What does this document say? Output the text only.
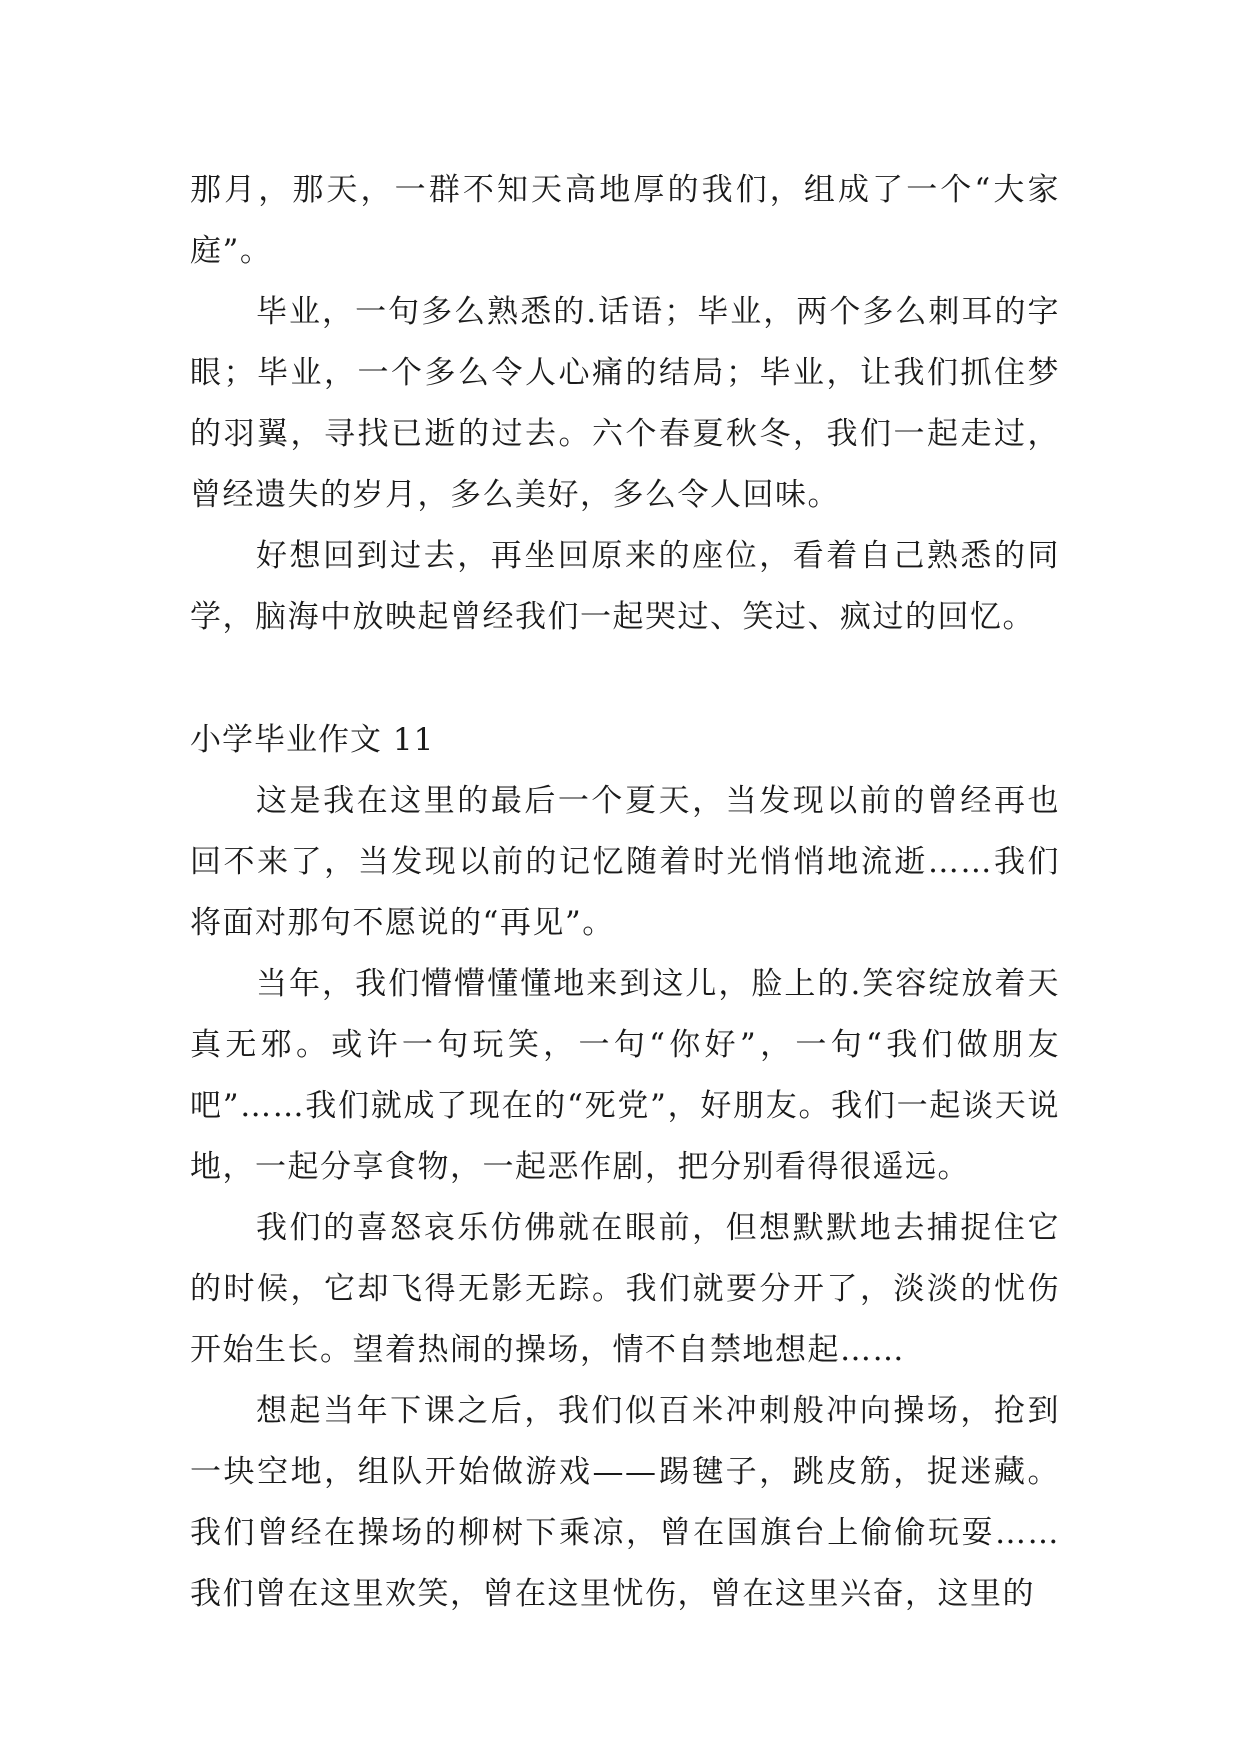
那月，那天，一群不知天高地厚的我们，组成了一个“大家庭”。

毕业，一句多么熟悉的.话语；毕业，两个多么刺耳的字眼；毕业，一个多么令人心痛的结局；毕业，让我们抓住梦的羽翼，寻找已逝的过去。六个春夏秋冬，我们一起走过，曾经遗失的岁月，多么美好，多么令人回味。

好想回到过去，再坐回原来的座位，看着自己熟悉的同学，脑海中放映起曾经我们一起哭过、笑过、疯过的回忆。

小学毕业作文 11

这是我在这里的最后一个夏天，当发现以前的曾经再也回不来了，当发现以前的记忆随着时光悄悄地流逝……我们将面对那句不愿说的“再见”。

当年，我们懵懵懂懂地来到这儿，脸上的.笑容绽放着天真无邪。或许一句玩笑，一句“你好”，一句“我们做朋友吧”……我们就成了现在的“死党”，好朋友。我们一起谈天说地，一起分享食物，一起恶作剧，把分别看得很遥远。

我们的喜怒哀乐仿佛就在眼前，但想默默地去捕捉住它的时候，它却飞得无影无踪。我们就要分开了，淡淡的忧伤开始生长。望着热闹的操场，情不自禁地想起……

想起当年下课之后，我们似百米冲刺般冲向操场，抢到一块空地，组队开始做游戏——踢毽子，跳皮筋，捉迷藏。我们曾经在操场的柳树下乘凉，曾在国旗台上偷偷玩耍……我们曾在这里欢笑，曾在这里忧伤，曾在这里兴奋，这里的
